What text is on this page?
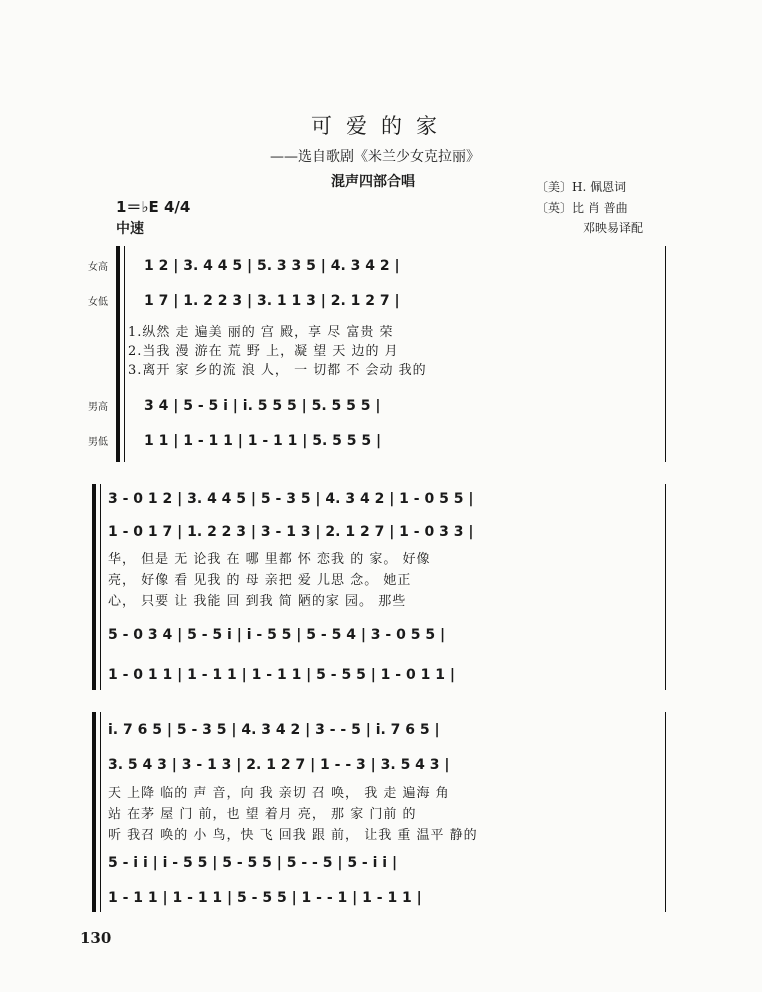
可爱的家
——选自歌剧《米兰少女克拉丽》
混声四部合唱	〔美〕H. 佩恩词
〔英〕比 肖 普曲
邓映易译配
1＝♭E 4/4
中速
女高
女低
男高
男低
1 2 | 3. 4 4 5 | 5. 3 3 5 | 4. 3 4 2 |
1 7 | 1. 2 2 3 | 3. 1 1 3 | 2. 1 2 7 |
1.纵然 走 遍美 丽的 宫 殿，享 尽 富贵 荣
2.当我 漫 游在 荒 野 上，凝 望 天 边的 月
3.离开 家 乡的流 浪 人， 一 切都 不 会动 我的
3 4 | 5 - 5 i | i. 5 5 5 | 5. 5 5 5 |
1 1 | 1 - 1 1 | 1 - 1 1 | 5. 5 5 5 |
3 - 0 1 2 | 3. 4 4 5 | 5 - 3 5 | 4. 3 4 2 | 1 - 0 5 5 |
1 - 0 1 7 | 1. 2 2 3 | 3 - 1 3 | 2. 1 2 7 | 1 - 0 3 3 |
华， 但是 无 论我 在 哪 里都 怀 恋我 的 家。 好像
亮， 好像 看 见我 的 母 亲把 爱 儿思 念。 她正
心， 只要 让 我能 回 到我 简 陋的家 园。 那些
5 - 0 3 4 | 5 - 5 i | i - 5 5 | 5 - 5 4 | 3 - 0 5 5 |
1 - 0 1 1 | 1 - 1 1 | 1 - 1 1 | 5 - 5 5 | 1 - 0 1 1 |
i. 7 6 5 | 5 - 3 5 | 4. 3 4 2 | 3 - - 5 | i. 7 6 5 |
3. 5 4 3 | 3 - 1 3 | 2. 1 2 7 | 1 - - 3 | 3. 5 4 3 |
天 上降 临的 声 音，向 我 亲切 召 唤， 我 走 遍海 角
站 在茅 屋 门 前，也 望 着月 亮， 那 家 门前 的
听 我召 唤的 小 鸟，快 飞 回我 跟 前， 让我 重 温平 静的
5 - i i | i - 5 5 | 5 - 5 5 | 5 - - 5 | 5 - i i |
1 - 1 1 | 1 - 1 1 | 5 - 5 5 | 1 - - 1 | 1 - 1 1 |
130
